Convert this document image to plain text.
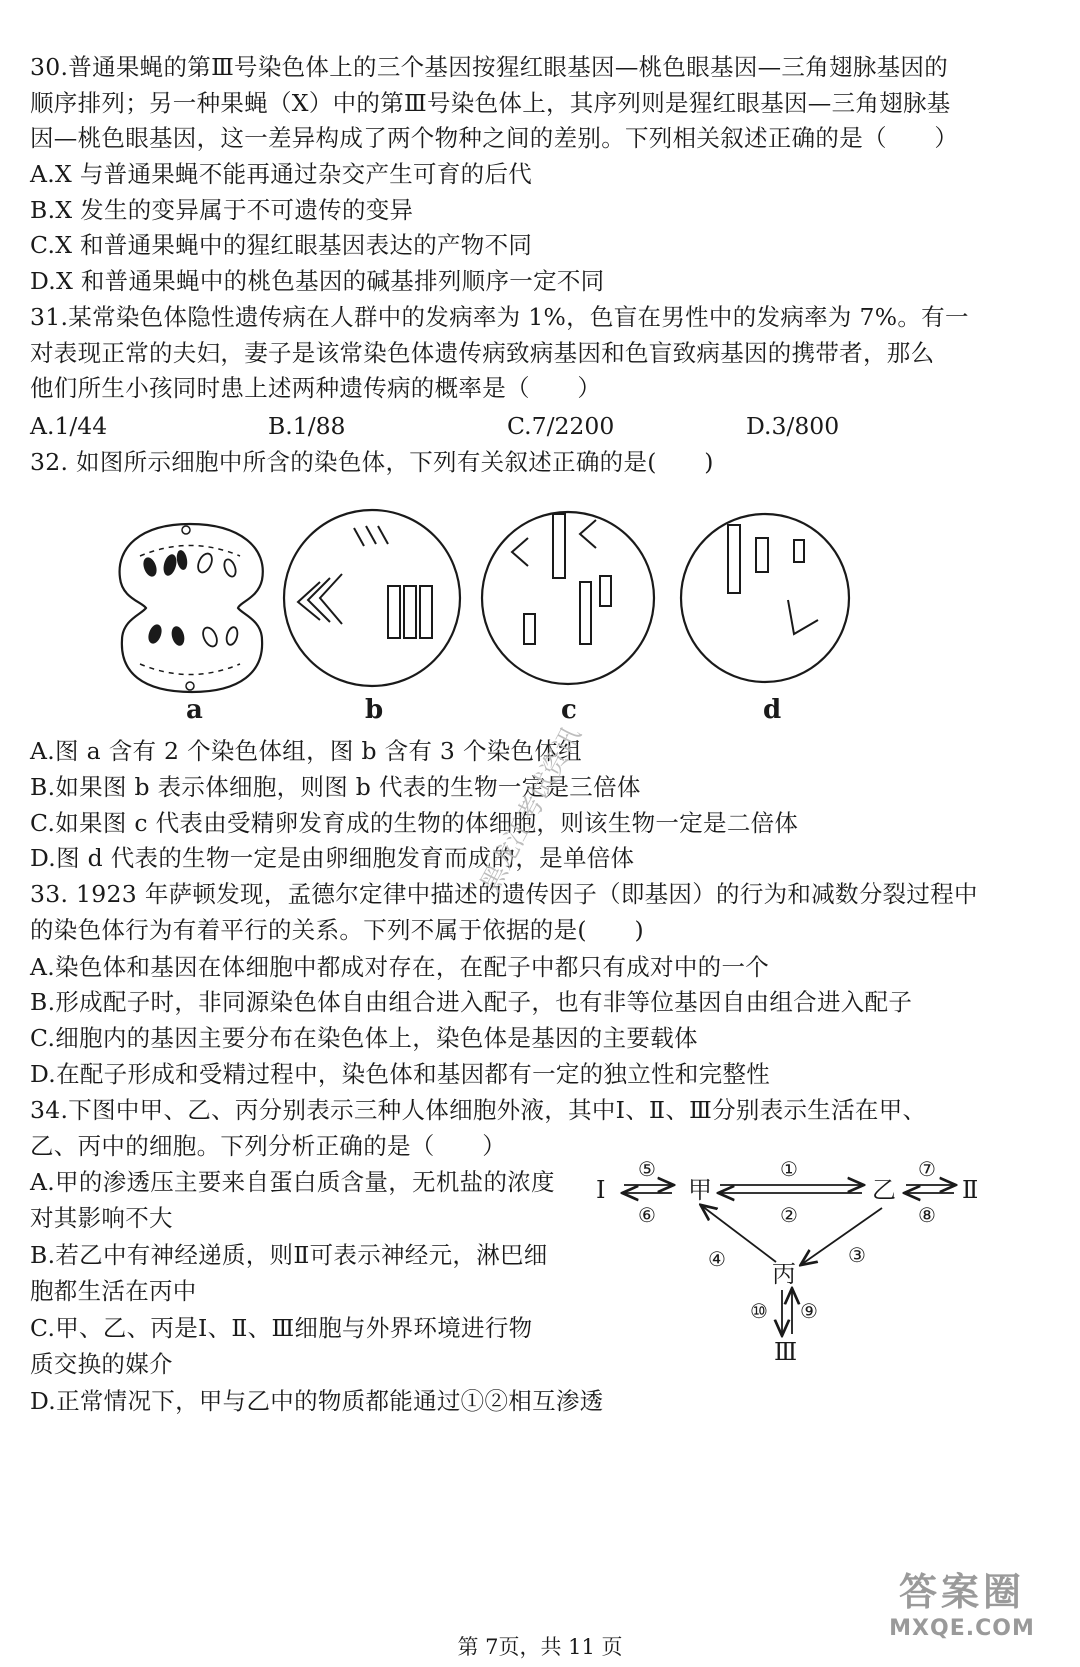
30.普通果蝇的第Ⅲ号染色体上的三个基因按猩红眼基因—桃色眼基因—三角翅脉基因的
顺序排列；另一种果蝇（X）中的第Ⅲ号染色体上，其序列则是猩红眼基因—三角翅脉基
因—桃色眼基因，这一差异构成了两个物种之间的差别。下列相关叙述正确的是（　　）
A.X 与普通果蝇不能再通过杂交产生可育的后代
B.X 发生的变异属于不可遗传的变异
C.X 和普通果蝇中的猩红眼基因表达的产物不同
D.X 和普通果蝇中的桃色基因的碱基排列顺序一定不同
31.某常染色体隐性遗传病在人群中的发病率为 1%，色盲在男性中的发病率为 7%。有一
对表现正常的夫妇，妻子是该常染色体遗传病致病基因和色盲致病基因的携带者，那么
他们所生小孩同时患上述两种遗传病的概率是（　　）
A.1/44	B.1/88	C.7/2200	D.3/800
32. 如图所示细胞中所含的染色体，下列有关叙述正确的是(　　)
a	b	c	d
A.图 a 含有 2 个染色体组，图 b 含有 3 个染色体组
B.如果图 b 表示体细胞，则图 b 代表的生物一定是三倍体
C.如果图 c 代表由受精卵发育成的生物的体细胞，则该生物一定是二倍体
D.图 d 代表的生物一定是由卵细胞发育而成的，是单倍体
33. 1923 年萨顿发现，孟德尔定律中描述的遗传因子（即基因）的行为和减数分裂过程中
的染色体行为有着平行的关系。下列不属于依据的是(　　)
A.染色体和基因在体细胞中都成对存在，在配子中都只有成对中的一个
B.形成配子时，非同源染色体自由组合进入配子，也有非等位基因自由组合进入配子
C.细胞内的基因主要分布在染色体上，染色体是基因的主要载体
D.在配子形成和受精过程中，染色体和基因都有一定的独立性和完整性
34.下图中甲、乙、丙分别表示三种人体细胞外液，其中Ⅰ、Ⅱ、Ⅲ分别表示生活在甲、
乙、丙中的细胞。下列分析正确的是（　　）
A.甲的渗透压主要来自蛋白质含量，无机盐的浓度
对其影响不大
B.若乙中有神经递质，则Ⅱ可表示神经元，淋巴细
胞都生活在丙中
C.甲、乙、丙是Ⅰ、Ⅱ、Ⅲ细胞与外界环境进行物
质交换的媒介
D.正常情况下，甲与乙中的物质都能通过①②相互渗透
Ⅰ	甲	乙	Ⅱ
丙
Ⅲ
⑤
⑥
①
②
⑦
⑧
④	③
⑩ ⑨
黑龙江考试资讯
第 7页，共 11 页
答案圈
MXQE.COM
